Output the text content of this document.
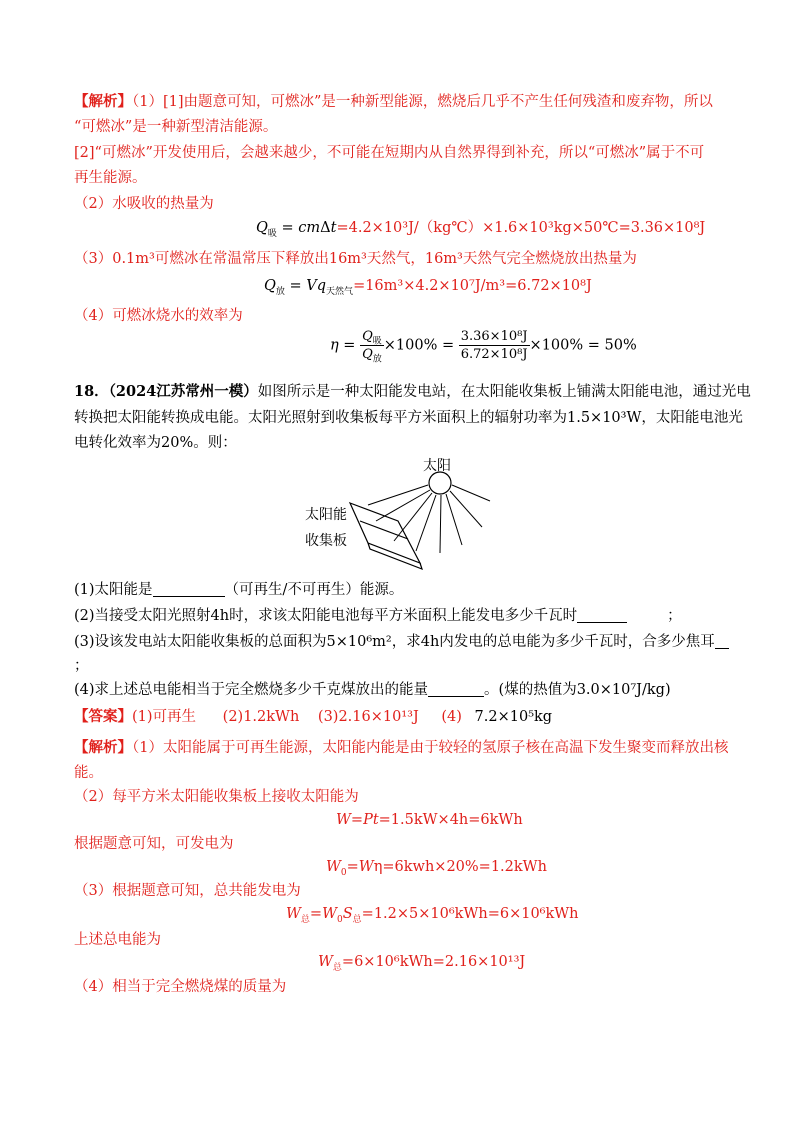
【解析】（1）[1]由题意可知，可燃冰”是一种新型能源，燃烧后几乎不产生任何残渣和废弃物，所以
“可燃冰”是一种新型清洁能源。
[2]“可燃冰”开发使用后，会越来越少，不可能在短期内从自然界得到补充，所以“可燃冰”属于不可
再生能源。
（2）水吸收的热量为
$Q_吸$ = cmΔt=4.2×10³J/（kg℃）×1.6×10³kg×50℃=3.36×10⁸J
（3）0.1m³可燃冰在常温常压下释放出16m³天然气，16m³天然气完全燃烧放出热量为
$Q_放 = Vq_{天然气}=16m^3\times 4.2\times 10^7J/m^3=6.72\times 10^8J$
（4）可燃冰烧水的效率为
$\eta = \frac{Q_吸}{Q_放} \times 100\% = \frac{\text{3.36×10⁸J}}{\text{6.72×10⁸J}} \times 100\% = 50\%$
18．（2024江苏常州一模）如图所示是一种太阳能发电站，在太阳能收集板上铺满太阳能电池，通过光电
转换把太阳能转换成电能。太阳光照射到收集板每平方米面积上的辐射功率为1.5×10³W，太阳能电池光
电转化效率为20%。则：
太阳
太阳能
收集板
(1)太阳能是	（可再生/不可再生）能源。
(2)当接受太阳光照射4h时，求该太阳能电池每平方米面积上能发电多少千瓦时	；
(3)设该发电站太阳能收集板的总面积为5×10⁶m²，求4h内发电的总电能为多少千瓦时，合多少焦耳
；
(4)求上述总电能相当于完全燃烧多少千克煤放出的能量	。(煤的热值为3.0×10⁷J/kg)
【答案】(1)可再生 (2)1.2kWh (3)2.16×10¹³J (4) 7.2×10⁵kg
【解析】（1）太阳能属于可再生能源，太阳能内能是由于较轻的氢原子核在高温下发生聚变而释放出核
能。
（2）每平方米太阳能收集板上接收太阳能为
W=Pt=1.5kW×4h=6kWh
根据题意可知，可发电为
$W_0=W\eta=6kwh\times 20\%=1.2kWh$
（3）根据题意可知，总共能发电为
$W_总=W_0S_总=1.2\times 5\times 10^6kWh=6\times 10^6kWh$
上述总电能为
$W_总=6\times 10^6kWh=2.16\times 10^{13}J$
（4）相当于完全燃烧煤的质量为
